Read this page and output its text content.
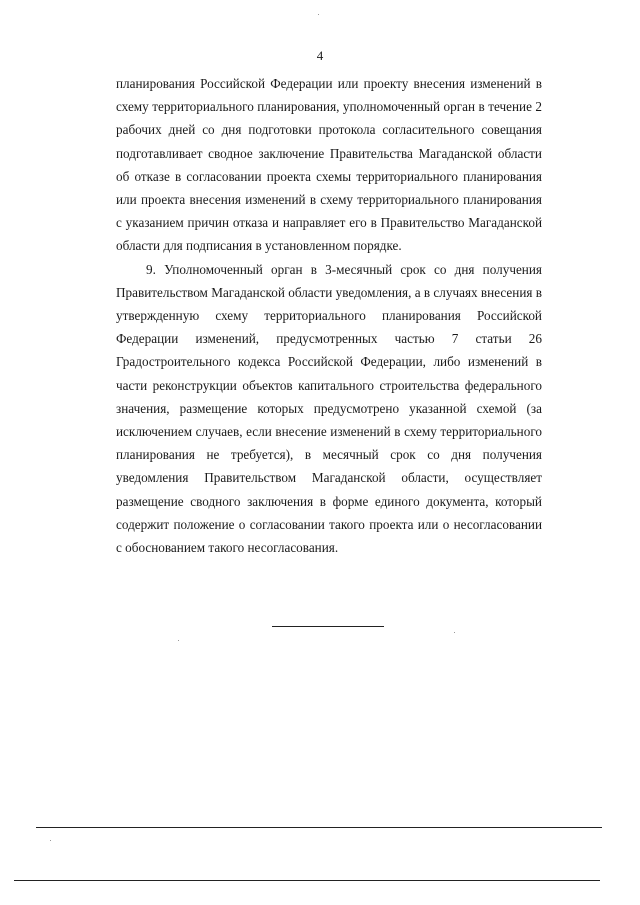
4

планирования Российской Федерации или проекту внесения изменений в схему территориального планирования, уполномоченный орган в течение 2 рабочих дней со дня подготовки протокола согласительного совещания подготавливает сводное заключение Правительства Магаданской области об отказе в согласовании проекта схемы территориального планирования или проекта внесения изменений в схему территориального планирования с указанием причин отказа и направляет его в Правительство Магаданской области для подписания в установленном порядке.

9. Уполномоченный орган в 3-месячный срок со дня получения Правительством Магаданской области уведомления, а в случаях внесения в утвержденную схему территориального планирования Российской Федерации изменений, предусмотренных частью 7 статьи 26 Градостроительного кодекса Российской Федерации, либо изменений в части реконструкции объектов капитального строительства федерального значения, размещение которых предусмотрено указанной схемой (за исключением случаев, если внесение изменений в схему территориального планирования не требуется), в месячный срок со дня получения уведомления Правительством Магаданской области, осуществляет размещение сводного заключения в форме единого документа, который содержит положение о согласовании такого проекта или о несогласовании с обоснованием такого несогласования.
